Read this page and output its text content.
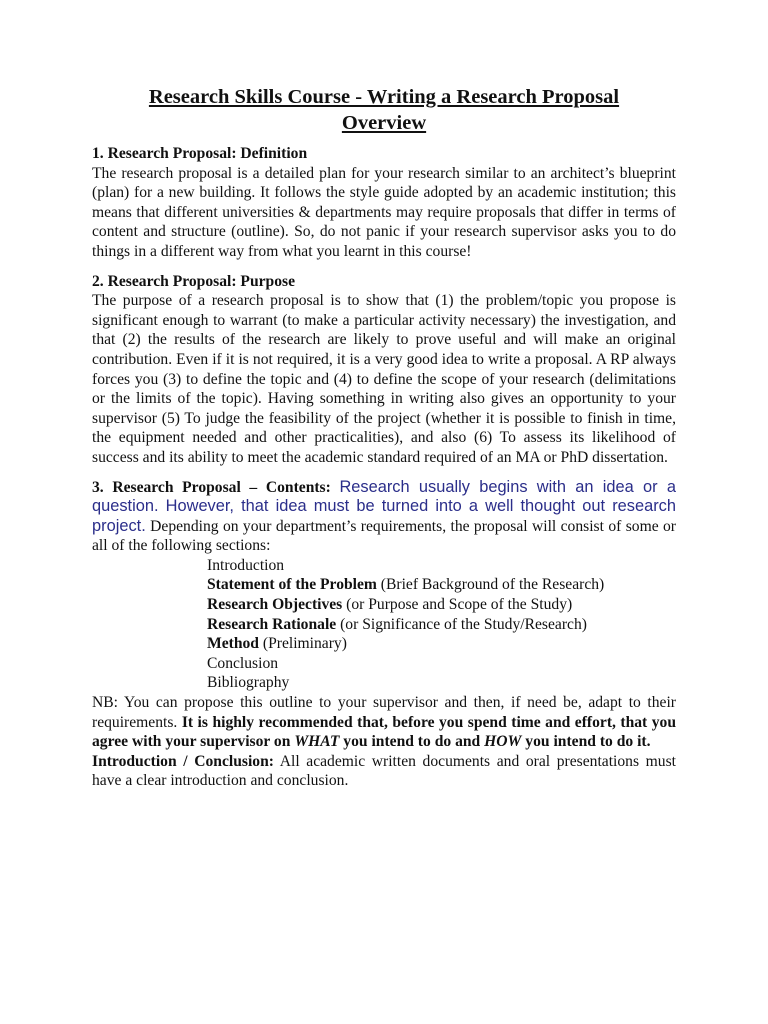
Research Skills Course - Writing a Research Proposal
Overview
1. Research Proposal: Definition
The research proposal is a detailed plan for your research similar to an architect’s blueprint (plan) for a new building. It follows the style guide adopted by an academic institution; this means that different universities & departments may require proposals that differ in terms of content and structure (outline). So, do not panic if your research supervisor asks you to do things in a different way from what you learnt in this course!
2. Research Proposal: Purpose
The purpose of a research proposal is to show that (1) the problem/topic you propose is significant enough to warrant (to make a particular activity necessary) the investigation, and that (2) the results of the research are likely to prove useful and will make an original contribution. Even if it is not required, it is a very good idea to write a proposal. A RP always forces you (3) to define the topic and (4) to define the scope of your research (delimitations or the limits of the topic). Having something in writing also gives an opportunity to your supervisor (5) To judge the feasibility of the project (whether it is possible to finish in time, the equipment needed and other practicalities), and also (6) To assess its likelihood of success and its ability to meet the academic standard required of an MA or PhD dissertation.
3. Research Proposal – Contents: Research usually begins with an idea or a question. However, that idea must be turned into a well thought out research project. Depending on your department’s requirements, the proposal will consist of some or all of the following sections:
Introduction
Statement of the Problem (Brief Background of the Research)
Research Objectives (or Purpose and Scope of the Study)
Research Rationale (or Significance of the Study/Research)
Method (Preliminary)
Conclusion
Bibliography
NB: You can propose this outline to your supervisor and then, if need be, adapt to their requirements. It is highly recommended that, before you spend time and effort, that you agree with your supervisor on WHAT you intend to do and HOW you intend to do it.
Introduction / Conclusion: All academic written documents and oral presentations must have a clear introduction and conclusion.
